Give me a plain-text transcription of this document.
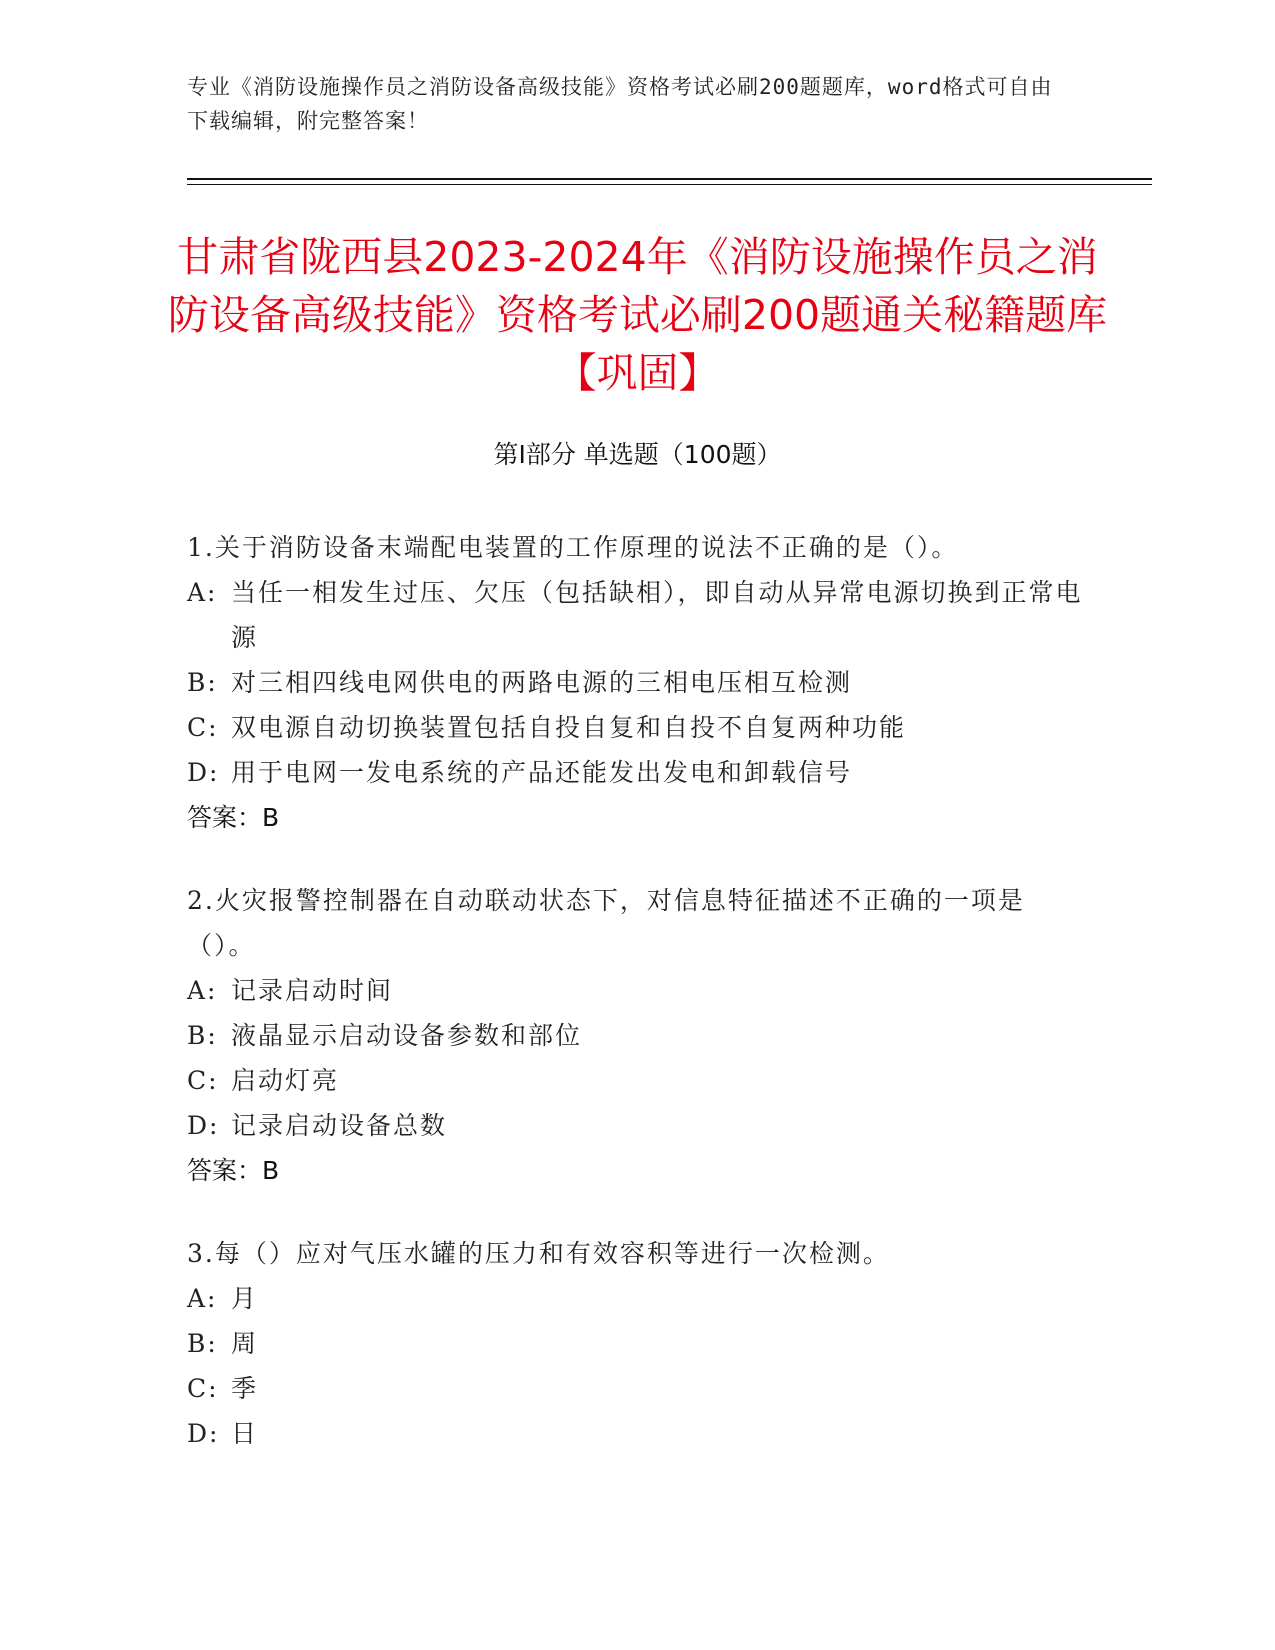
专业《消防设施操作员之消防设备高级技能》资格考试必刷200题题库，word格式可自由下载编辑，附完整答案！
甘肃省陇西县2023-2024年《消防设施操作员之消防设备高级技能》资格考试必刷200题通关秘籍题库【巩固】
第I部分 单选题（100题）
1.关于消防设备末端配电装置的工作原理的说法不正确的是（）。
A: 当任一相发生过压、欠压（包括缺相），即自动从异常电源切换到正常电源
B: 对三相四线电网供电的两路电源的三相电压相互检测
C: 双电源自动切换装置包括自投自复和自投不自复两种功能
D: 用于电网一发电系统的产品还能发出发电和卸载信号
答案：B
2.火灾报警控制器在自动联动状态下，对信息特征描述不正确的一项是（）。
A: 记录启动时间
B: 液晶显示启动设备参数和部位
C: 启动灯亮
D: 记录启动设备总数
答案：B
3.每（）应对气压水罐的压力和有效容积等进行一次检测。
A: 月
B: 周
C: 季
D: 日
